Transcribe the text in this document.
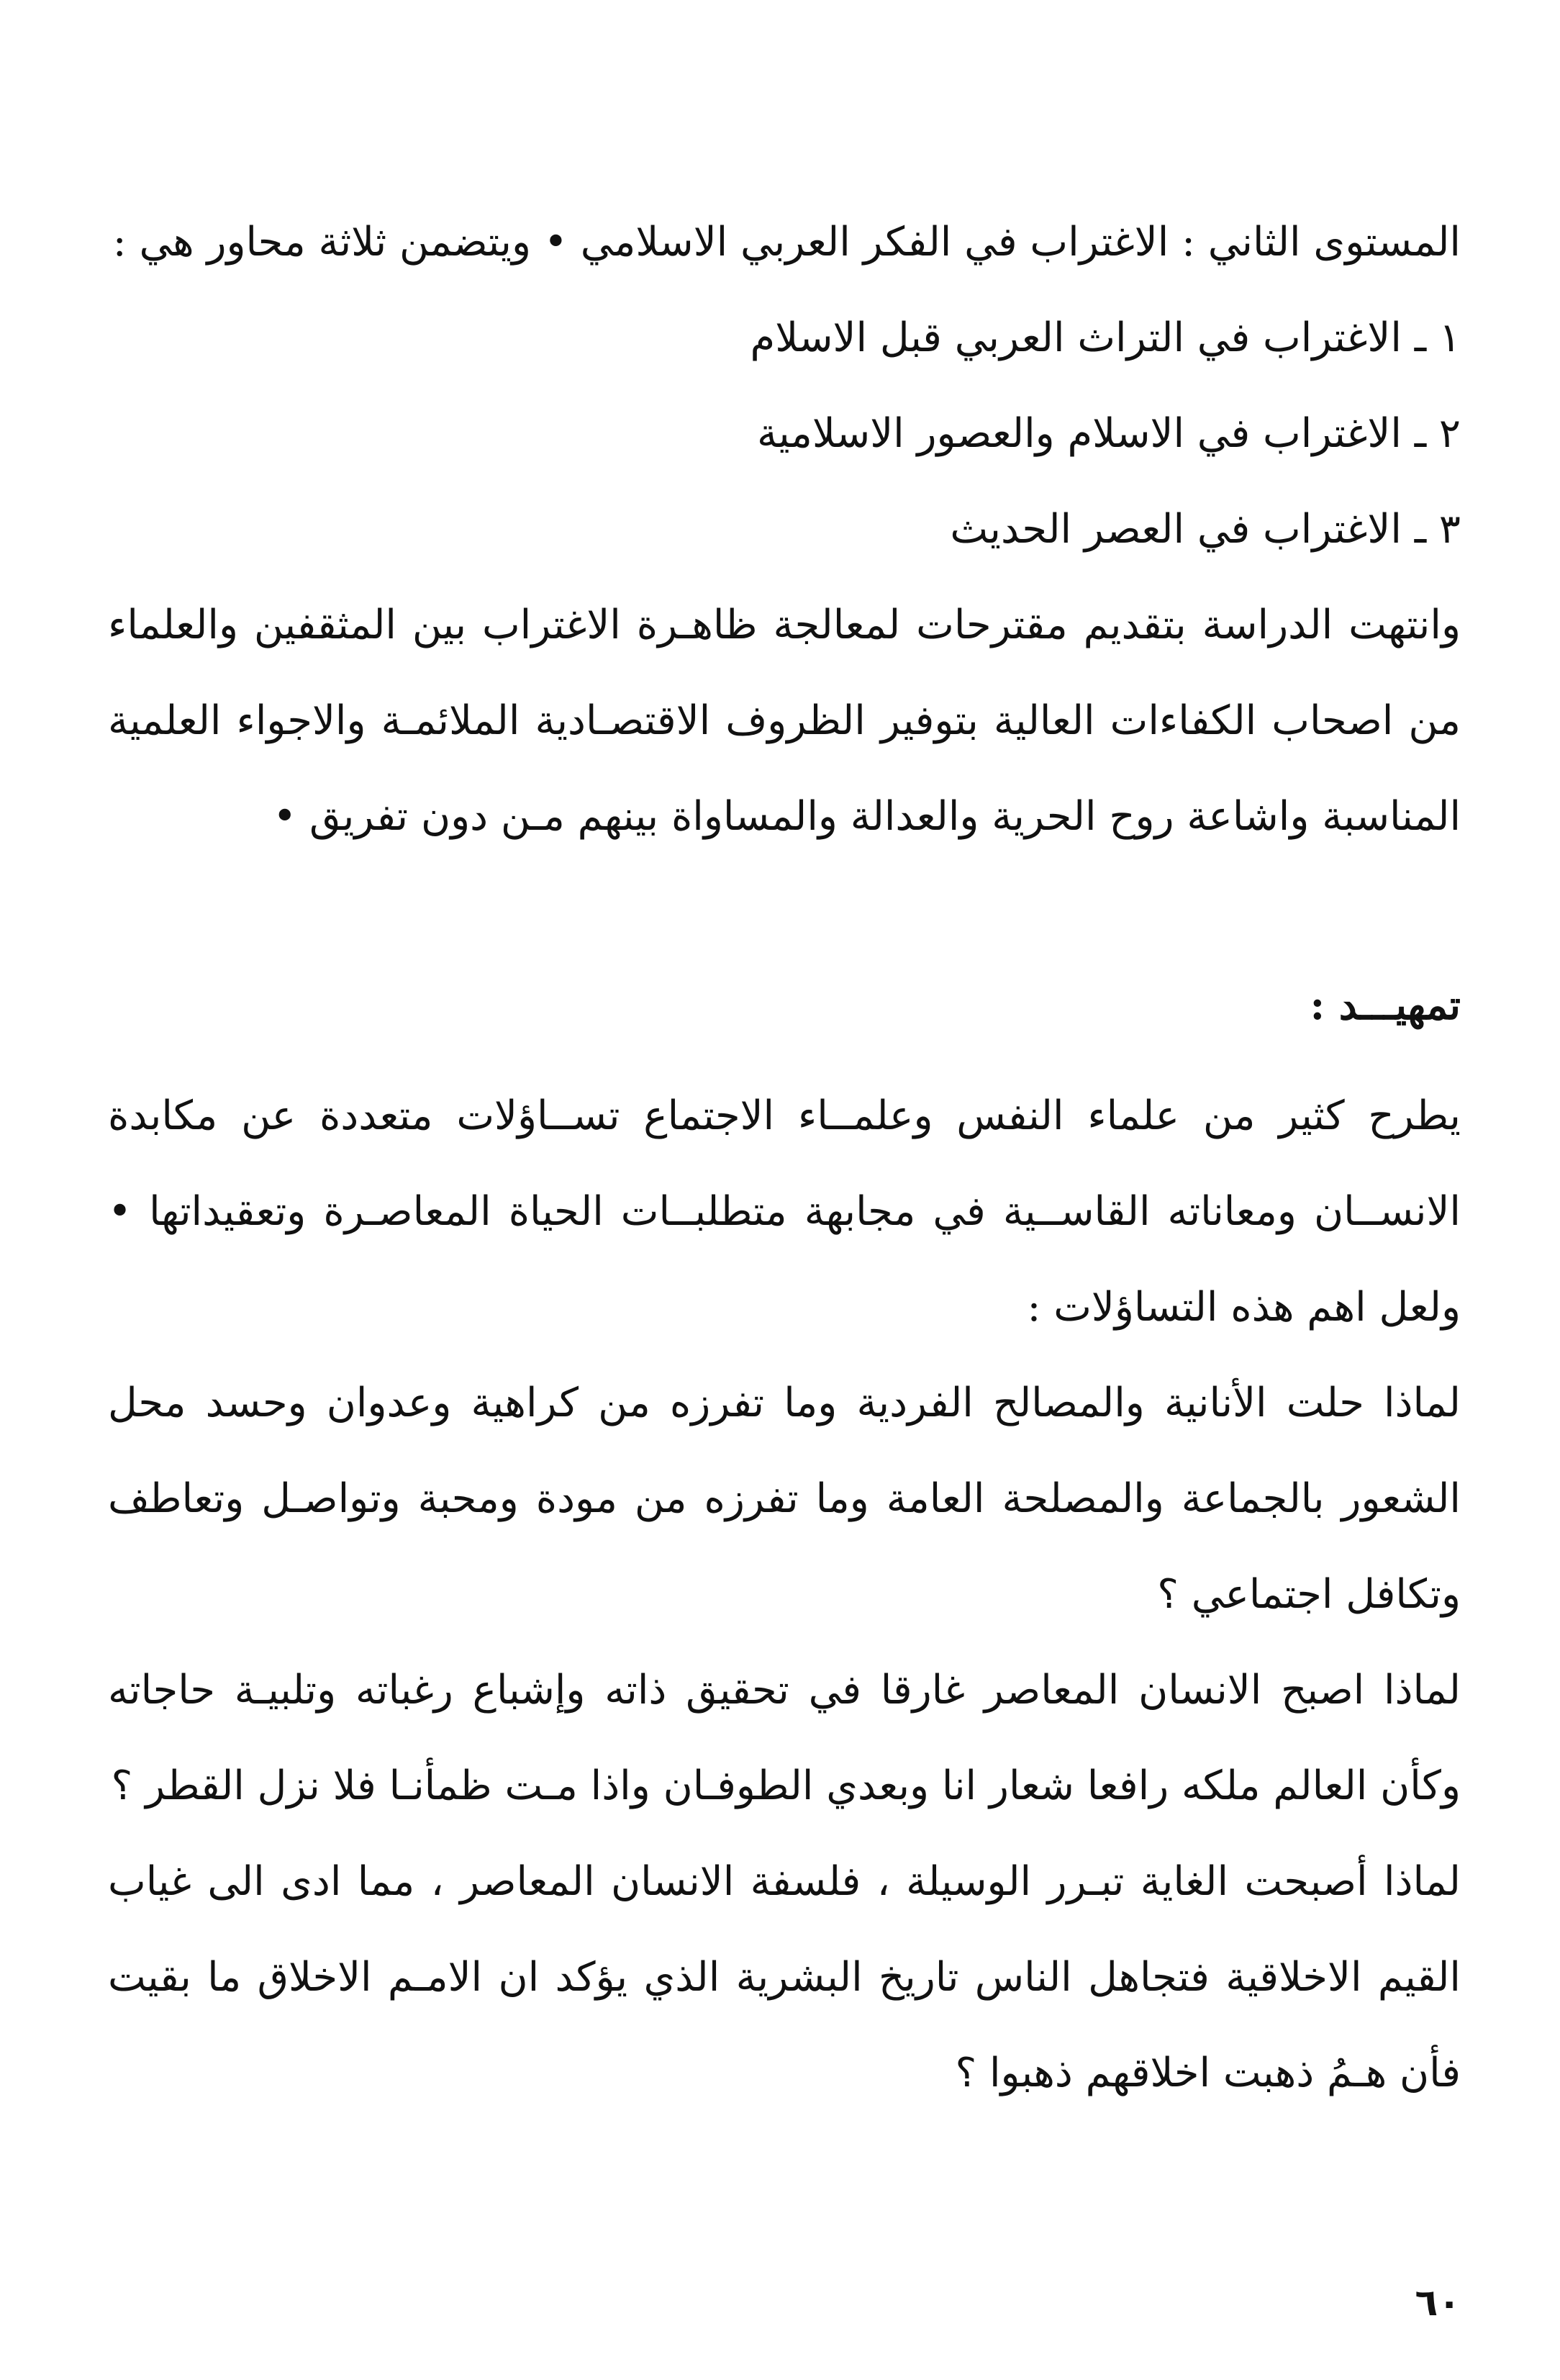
المستوى الثاني : الاغتراب في الفكر العربي الاسلامي • ويتضمن ثلاثة محاور هي :

١ ـ الاغتراب في التراث العربي قبل الاسلام
٢ ـ الاغتراب في الاسلام والعصور الاسلامية
٣ ـ الاغتراب في العصر الحديث

وانتهت الدراسة بتقديم مقترحات لمعالجة ظاهـرة الاغتراب بين المثقفين والعلماء من اصحاب الكفاءات العالية بتوفير الظروف الاقتصـادية الملائمـة والاجواء العلمية المناسبة واشاعة روح الحرية والعدالة والمساواة بينهم مـن دون تفريق •

تمهيـــد :

يطرح كثير من علماء النفس وعلمــاء الاجتماع تســاؤلات متعددة عن مكابدة الانســان ومعاناته القاســية في مجابهة متطلبــات الحياة المعاصـرة وتعقيداتها • ولعل اهم هذه التساؤلات :

لماذا حلت الأنانية والمصالح الفردية وما تفرزه من كراهية وعدوان وحسد محل الشعور بالجماعة والمصلحة العامة وما تفرزه من مودة ومحبة وتواصـل وتعاطف وتكافل اجتماعي ؟

لماذا اصبح الانسان المعاصر غارقا في تحقيق ذاته وإشباع رغباته وتلبيـة حاجاته وكأن العالم ملكه رافعا شعار انا وبعدي الطوفـان واذا مـت ظمأنـا فلا نزل القطر ؟

لماذا أصبحت الغاية تبـرر الوسيلة ، فلسفة الانسان المعاصر ، مما ادى الى غياب القيم الاخلاقية فتجاهل الناس تاريخ البشرية الذي يؤكد ان الامـم الاخلاق ما بقيت فأن هـمُ ذهبت اخلاقهم ذهبوا ؟

٦٠
